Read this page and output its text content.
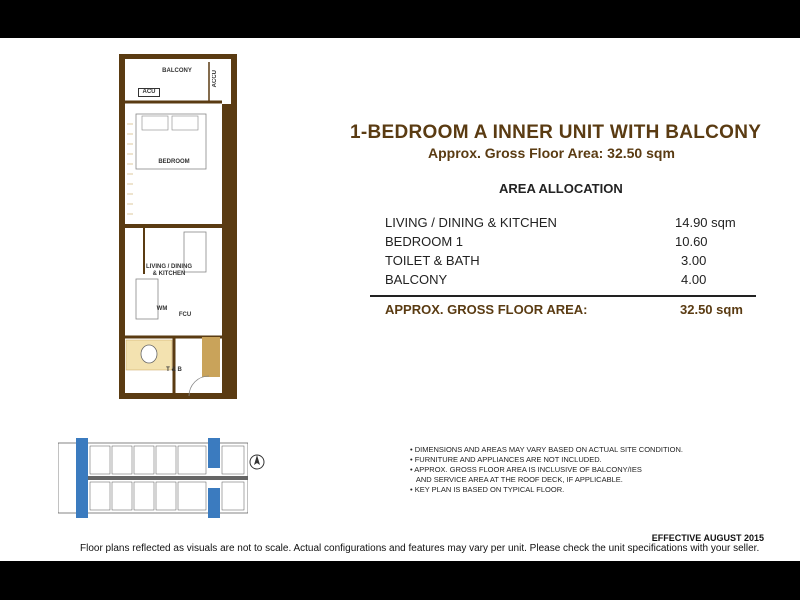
BALCONY
ACU
ACCU
BEDROOM
LIVING / DINING & KITCHEN
WM
FCU
T & B
1-BEDROOM A INNER UNIT WITH BALCONY
Approx. Gross Floor Area: 32.50 sqm
AREA ALLOCATION
LIVING / DINING & KITCHEN	14.90 sqm
BEDROOM 1	10.60
TOILET & BATH	3.00
BALCONY	4.00
APPROX. GROSS FLOOR AREA:	32.50 sqm
• DIMENSIONS AND AREAS MAY VARY BASED ON ACTUAL SITE CONDITION.
• FURNITURE AND APPLIANCES ARE NOT INCLUDED.
• APPROX. GROSS FLOOR AREA IS INCLUSIVE OF BALCONY/IES
AND SERVICE AREA AT THE ROOF DECK, IF APPLICABLE.
• KEY PLAN IS BASED ON TYPICAL FLOOR.
EFFECTIVE AUGUST 2015
Floor plans reflected as visuals are not to scale. Actual configurations and features may vary per unit. Please check the unit specifications with your seller.
